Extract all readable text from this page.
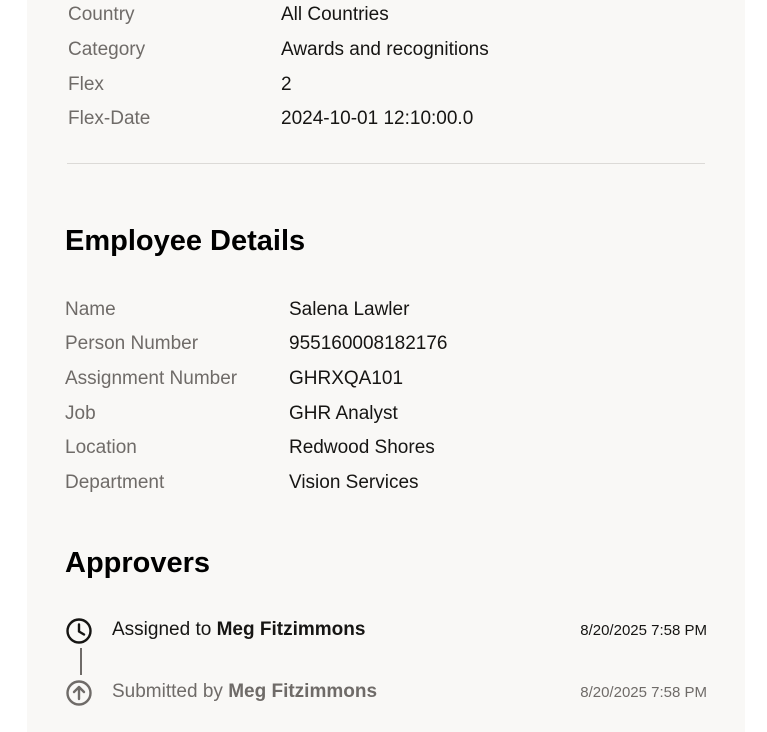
Country	All Countries
Category	Awards and recognitions
Flex	2
Flex-Date	2024-10-01 12:10:00.0
Employee Details
Name	Salena Lawler
Person Number	955160008182176
Assignment Number	GHRXQA101
Job	GHR Analyst
Location	Redwood Shores
Department	Vision Services
Approvers
Assigned to Meg Fitzimmons	8/20/2025 7:58 PM
Submitted by Meg Fitzimmons	8/20/2025 7:58 PM
